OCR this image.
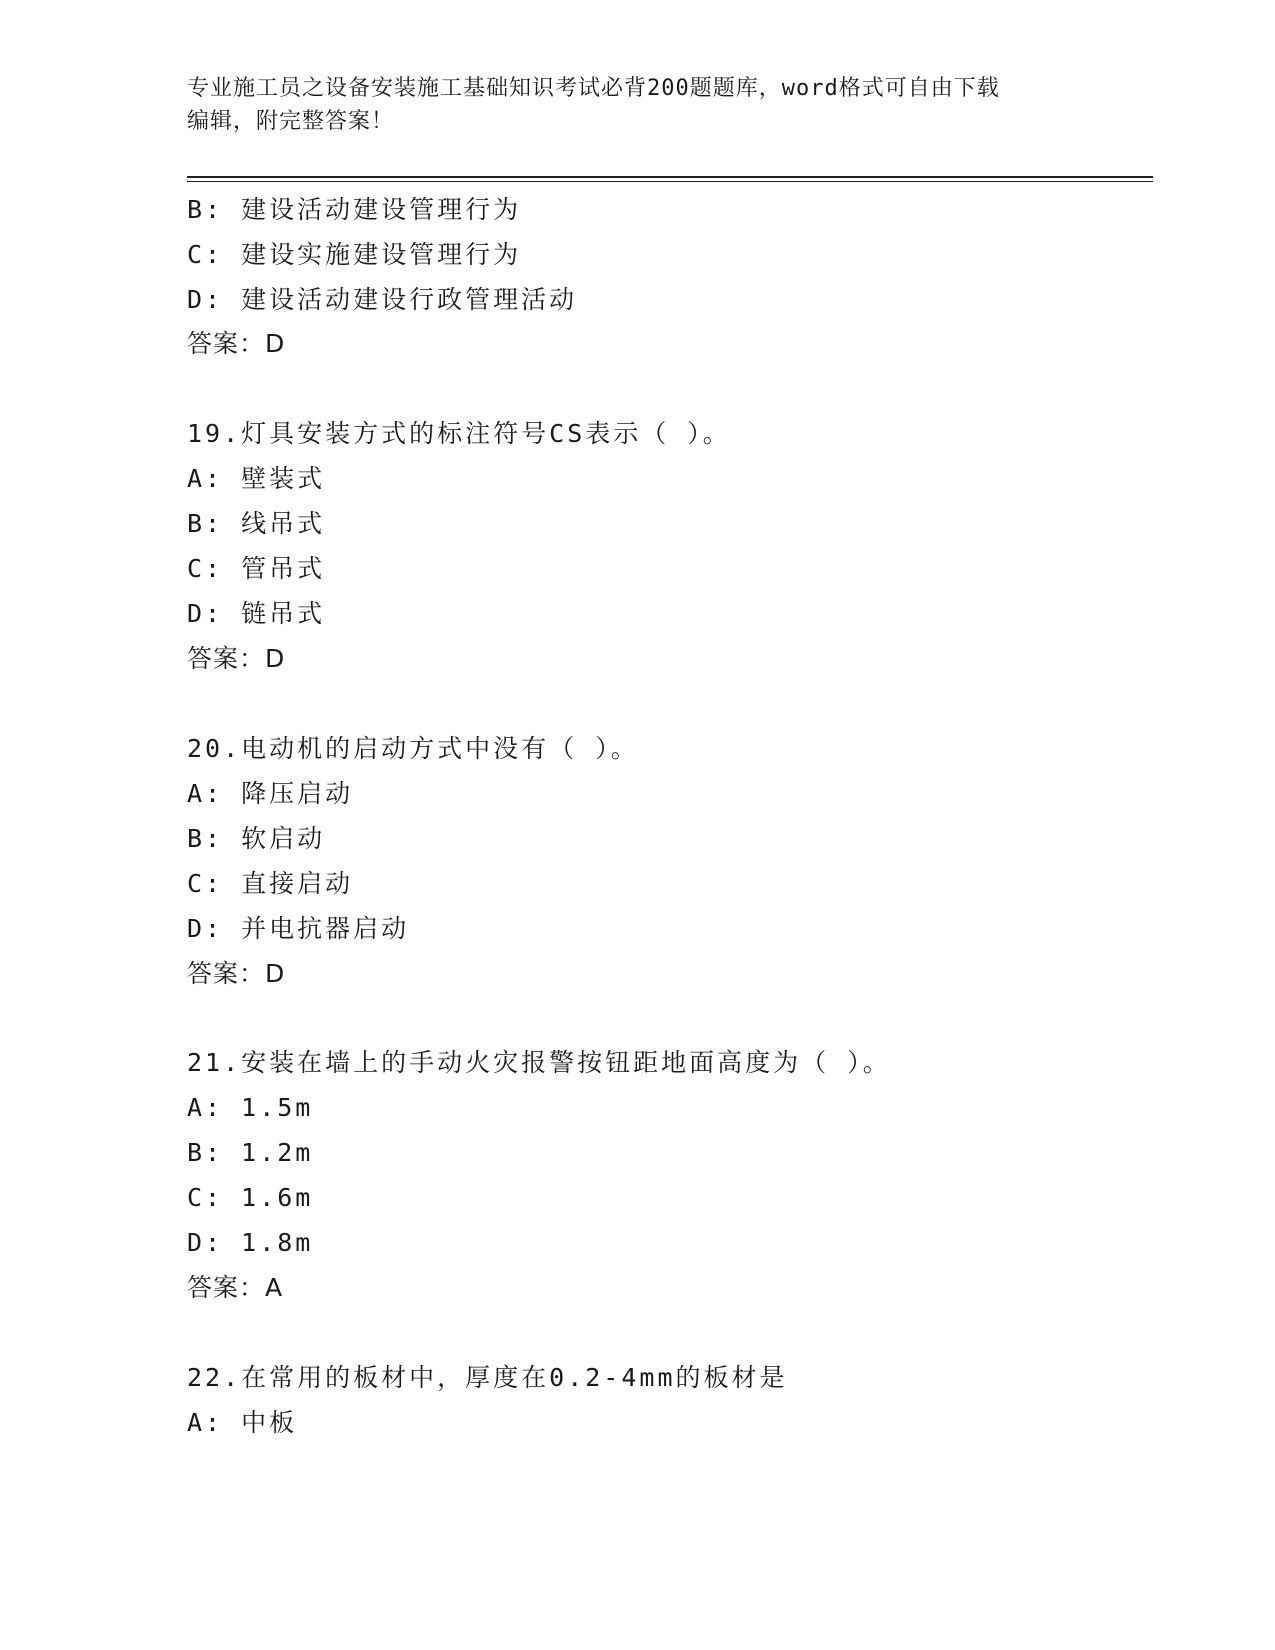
专业施工员之设备安装施工基础知识考试必背200题题库，word格式可自由下载
编辑，附完整答案！
B: 建设活动建设管理行为
C: 建设实施建设管理行为
D: 建设活动建设行政管理活动
答案：D
19.灯具安装方式的标注符号CS表示（ ）。
A: 壁装式
B: 线吊式
C: 管吊式
D: 链吊式
答案：D
20.电动机的启动方式中没有（ ）。
A: 降压启动
B: 软启动
C: 直接启动
D: 并电抗器启动
答案：D
21.安装在墙上的手动火灾报警按钮距地面高度为（ ）。
A: 1.5m
B: 1.2m
C: 1.6m
D: 1.8m
答案：A
22.在常用的板材中，厚度在0.2-4mm的板材是
A: 中板
